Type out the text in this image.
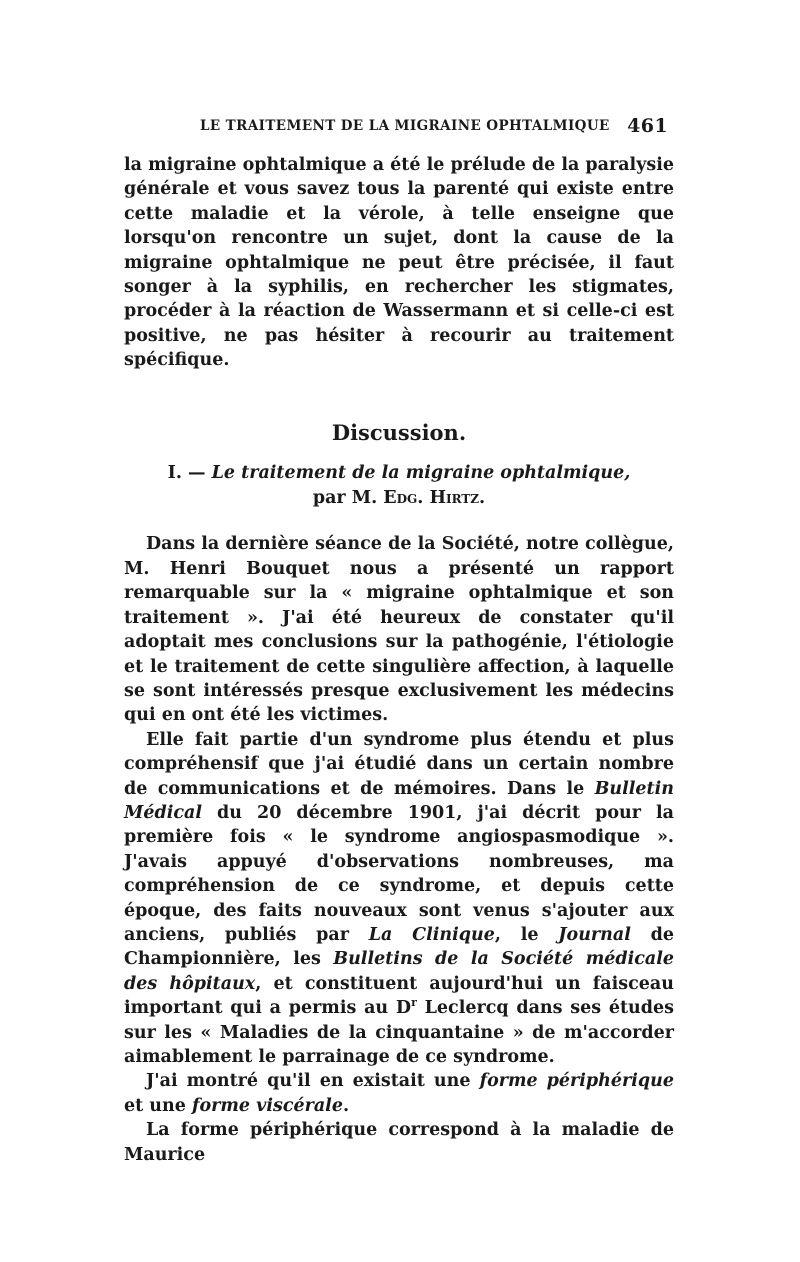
LE TRAITEMENT DE LA MIGRAINE OPHTALMIQUE 461

la migraine ophtalmique a été le prélude de la paralysie générale et vous savez tous la parenté qui existe entre cette maladie et la vérole, à telle enseigne que lorsqu'on rencontre un sujet, dont la cause de la migraine ophtalmique ne peut être précisée, il faut songer à la syphilis, en rechercher les stigmates, procéder à la réaction de Wassermann et si celle-ci est positive, ne pas hésiter à recourir au traitement spécifique.

Discussion.

I. — Le traitement de la migraine ophtalmique,

par M. Edg. Hirtz.

Dans la dernière séance de la Société, notre collègue, M. Henri Bouquet nous a présenté un rapport remarquable sur la « migraine ophtalmique et son traitement ». J'ai été heureux de constater qu'il adoptait mes conclusions sur la pathogénie, l'étiologie et le traitement de cette singulière affection, à laquelle se sont intéressés presque exclusivement les médecins qui en ont été les victimes.

Elle fait partie d'un syndrome plus étendu et plus compréhensif que j'ai étudié dans un certain nombre de communications et de mémoires. Dans le Bulletin Médical du 20 décembre 1901, j'ai décrit pour la première fois « le syndrome angiospasmodique ». J'avais appuyé d'observations nombreuses, ma compréhension de ce syndrome, et depuis cette époque, des faits nouveaux sont venus s'ajouter aux anciens, publiés par La Clinique, le Journal de Championnière, les Bulletins de la Société médicale des hôpitaux, et constituent aujourd'hui un faisceau important qui a permis au $D^r$ Leclercq dans ses études sur les « Maladies de la cinquantaine » de m'accorder aimablement le parrainage de ce syndrome.

J'ai montré qu'il en existait une forme périphérique et une forme viscérale.

La forme périphérique correspond à la maladie de Maurice
